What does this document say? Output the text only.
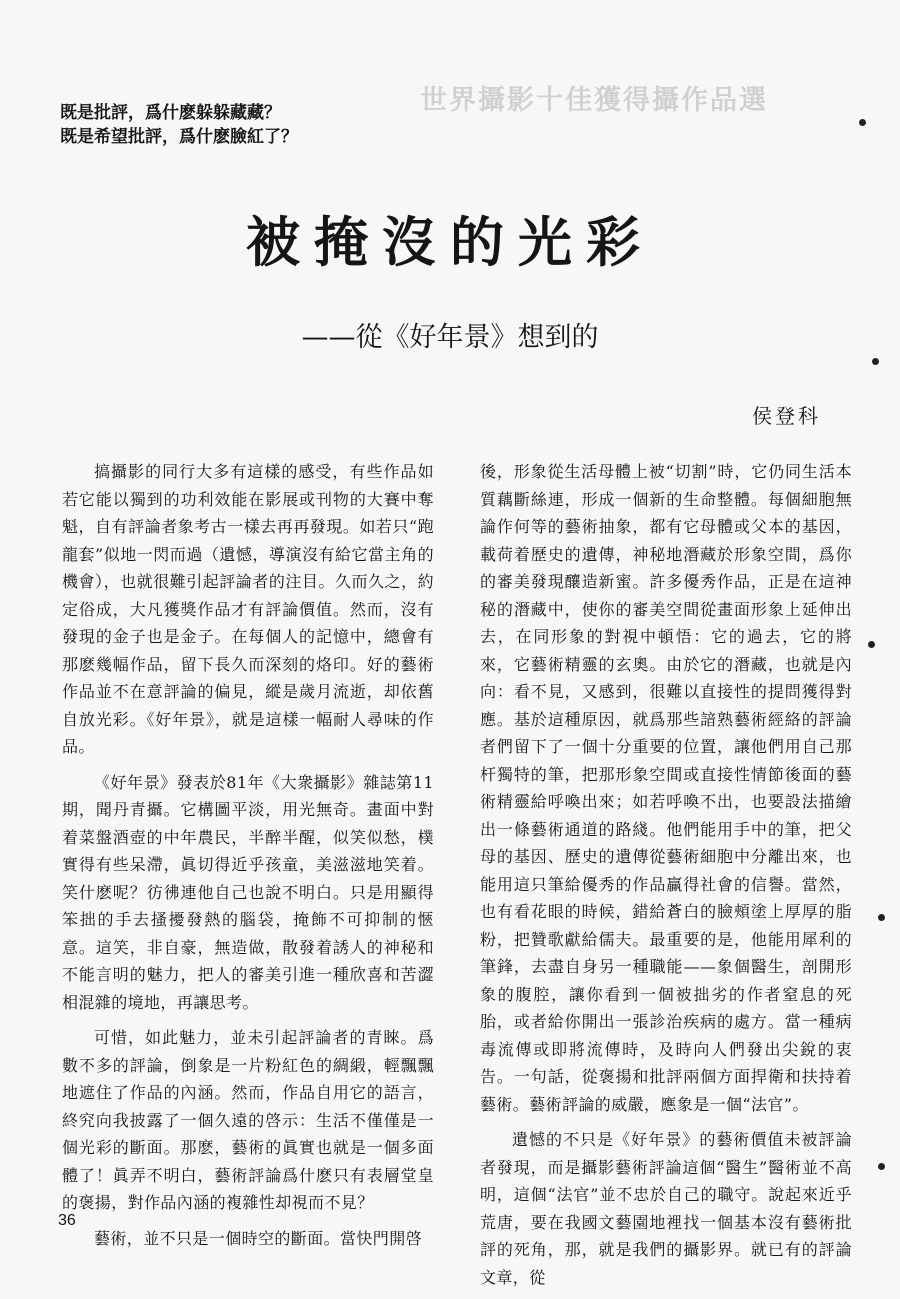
世界攝影十佳獲得攝作品選
既是批評，爲什麽躲躲藏藏？
既是希望批評，爲什麽臉紅了？
被掩沒的光彩
——從《好年景》想到的
侯登科

搞攝影的同行大多有這樣的感受，有些作品如若它能以獨到的功利效能在影展或刊物的大賽中奪魁，自有評論者象考古一樣去再再發現。如若只“跑龍套”似地一閃而過（遺憾，導演沒有給它當主角的機會），也就很難引起評論者的注目。久而久之，約定俗成，大凡獲獎作品才有評論價值。然而，沒有發現的金子也是金子。在每個人的記憶中，總會有那麽幾幅作品，留下長久而深刻的烙印。好的藝術作品並不在意評論的偏見，縱是歲月流逝，却依舊自放光彩。《好年景》，就是這樣一幅耐人尋味的作品。

《好年景》發表於81年《大衆攝影》雜誌第11期，聞丹青攝。它構圖平淡，用光無奇。畫面中對着菜盤酒壺的中年農民，半醉半醒，似笑似愁，樸實得有些呆滯，眞切得近乎孩童，美滋滋地笑着。笑什麽呢？彷彿連他自己也說不明白。只是用顯得笨拙的手去搔擾發熱的腦袋，掩飾不可抑制的愜意。這笑，非自豪，無造做，散發着誘人的神秘和不能言明的魅力，把人的審美引進一種欣喜和苦澀相混雜的境地，再讓思考。

可惜，如此魅力，並未引起評論者的青睞。爲數不多的評論，倒象是一片粉紅色的綢緞，輕飄飄地遮住了作品的內涵。然而，作品自用它的語言，終究向我披露了一個久遠的啓示：生活不僅僅是一個光彩的斷面。那麽，藝術的眞實也就是一個多面體了！眞弄不明白，藝術評論爲什麽只有表層堂皇的褒揚，對作品內涵的複雜性却視而不見？

藝術，並不只是一個時空的斷面。當快門開啓

後，形象從生活母體上被“切割”時，它仍同生活本質藕斷絲連，形成一個新的生命整體。每個細胞無論作何等的藝術抽象，都有它母體或父本的基因，載荷着歷史的遺傳，神秘地潛藏於形象空間，爲你的審美發現釀造新蜜。許多優秀作品，正是在這神秘的潛藏中，使你的審美空間從畫面形象上延伸出去，在同形象的對視中頓悟：它的過去，它的將來，它藝術精靈的玄奧。由於它的潛藏，也就是內向：看不見，又感到，很難以直接性的提問獲得對應。基於這種原因，就爲那些諳熟藝術經絡的評論者們留下了一個十分重要的位置，讓他們用自己那杆獨特的筆，把那形象空間或直接性情節後面的藝術精靈給呼喚出來；如若呼喚不出，也要設法描繪出一條藝術通道的路綫。他們能用手中的筆，把父母的基因、歷史的遺傳從藝術細胞中分離出來，也能用這只筆給優秀的作品贏得社會的信譽。當然，也有看花眼的時候，錯給蒼白的臉頰塗上厚厚的脂粉，把贊歌獻給儒夫。最重要的是，他能用犀利的筆鋒，去盡自身另一種職能——象個醫生，剖開形象的腹腔，讓你看到一個被拙劣的作者窒息的死胎，或者給你開出一張診治疾病的處方。當一種病毒流傳或即將流傳時，及時向人們發出尖銳的衷告。一句話，從褒揚和批評兩個方面捍衛和扶持着藝術。藝術評論的威嚴，應象是一個“法官”。

遺憾的不只是《好年景》的藝術價值未被評論者發現，而是攝影藝術評論這個“醫生”醫術並不高明，這個“法官”並不忠於自己的職守。說起來近乎荒唐，要在我國文藝園地裡找一個基本沒有藝術批評的死角，那，就是我們的攝影界。就已有的評論文章，從

36
